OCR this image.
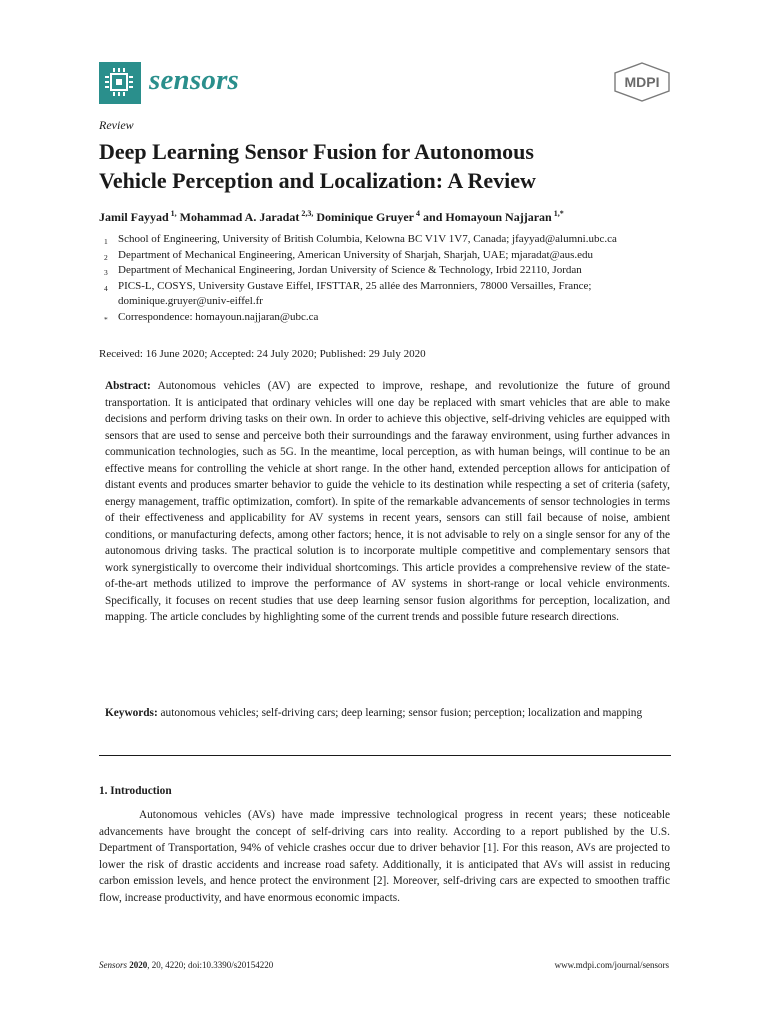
sensors	MDPI
Review
Deep Learning Sensor Fusion for Autonomous
Vehicle Perception and Localization: A Review
Jamil Fayyad $^{1,}$ Mohammad A. Jaradat $^{2,3,}$ Dominique Gruyer $^4$ and Homayoun Najjaran $^{1,*}$
1 School of Engineering, University of British Columbia, Kelowna BC V1V 1V7, Canada; jfayyad@alumni.ubc.ca
2 Department of Mechanical Engineering, American University of Sharjah, Sharjah, UAE; mjaradat@aus.edu
3 Department of Mechanical Engineering, Jordan University of Science & Technology, Irbid 22110, Jordan
4 PICS-L, COSYS, University Gustave Eiffel, IFSTTAR, 25 allée des Marronniers, 78000 Versailles, France; dominique.gruyer@univ-eiffel.fr
* Correspondence: homayoun.najjaran@ubc.ca
Received: 16 June 2020; Accepted: 24 July 2020; Published: 29 July 2020

Abstract: Autonomous vehicles (AV) are expected to improve, reshape, and revolutionize the future of ground transportation. It is anticipated that ordinary vehicles will one day be replaced with smart vehicles that are able to make decisions and perform driving tasks on their own. In order to achieve this objective, self-driving vehicles are equipped with sensors that are used to sense and perceive both their surroundings and the faraway environment, using further advances in communication technologies, such as 5G. In the meantime, local perception, as with human beings, will continue to be an effective means for controlling the vehicle at short range. In the other hand, extended perception allows for anticipation of distant events and produces smarter behavior to guide the vehicle to its destination while respecting a set of criteria (safety, energy management, traffic optimization, comfort). In spite of the remarkable advancements of sensor technologies in terms of their effectiveness and applicability for AV systems in recent years, sensors can still fail because of noise, ambient conditions, or manufacturing defects, among other factors; hence, it is not advisable to rely on a single sensor for any of the autonomous driving tasks. The practical solution is to incorporate multiple competitive and complementary sensors that work synergistically to overcome their individual shortcomings. This article provides a comprehensive review of the state-of-the-art methods utilized to improve the performance of AV systems in short-range or local vehicle environments. Specifically, it focuses on recent studies that use deep learning sensor fusion algorithms for perception, localization, and mapping. The article concludes by highlighting some of the current trends and possible future research directions.

Keywords: autonomous vehicles; self-driving cars; deep learning; sensor fusion; perception; localization and mapping

1. Introduction

Autonomous vehicles (AVs) have made impressive technological progress in recent years; these noticeable advancements have brought the concept of self-driving cars into reality. According to a report published by the U.S. Department of Transportation, 94% of vehicle crashes occur due to driver behavior [1]. For this reason, AVs are projected to lower the risk of drastic accidents and increase road safety. Additionally, it is anticipated that AVs will assist in reducing carbon emission levels, and hence protect the environment [2]. Moreover, self-driving cars are expected to smoothen traffic flow, increase productivity, and have enormous economic impacts.

Sensors 2020, 20, 4220; doi:10.3390/s20154220	www.mdpi.com/journal/sensors
